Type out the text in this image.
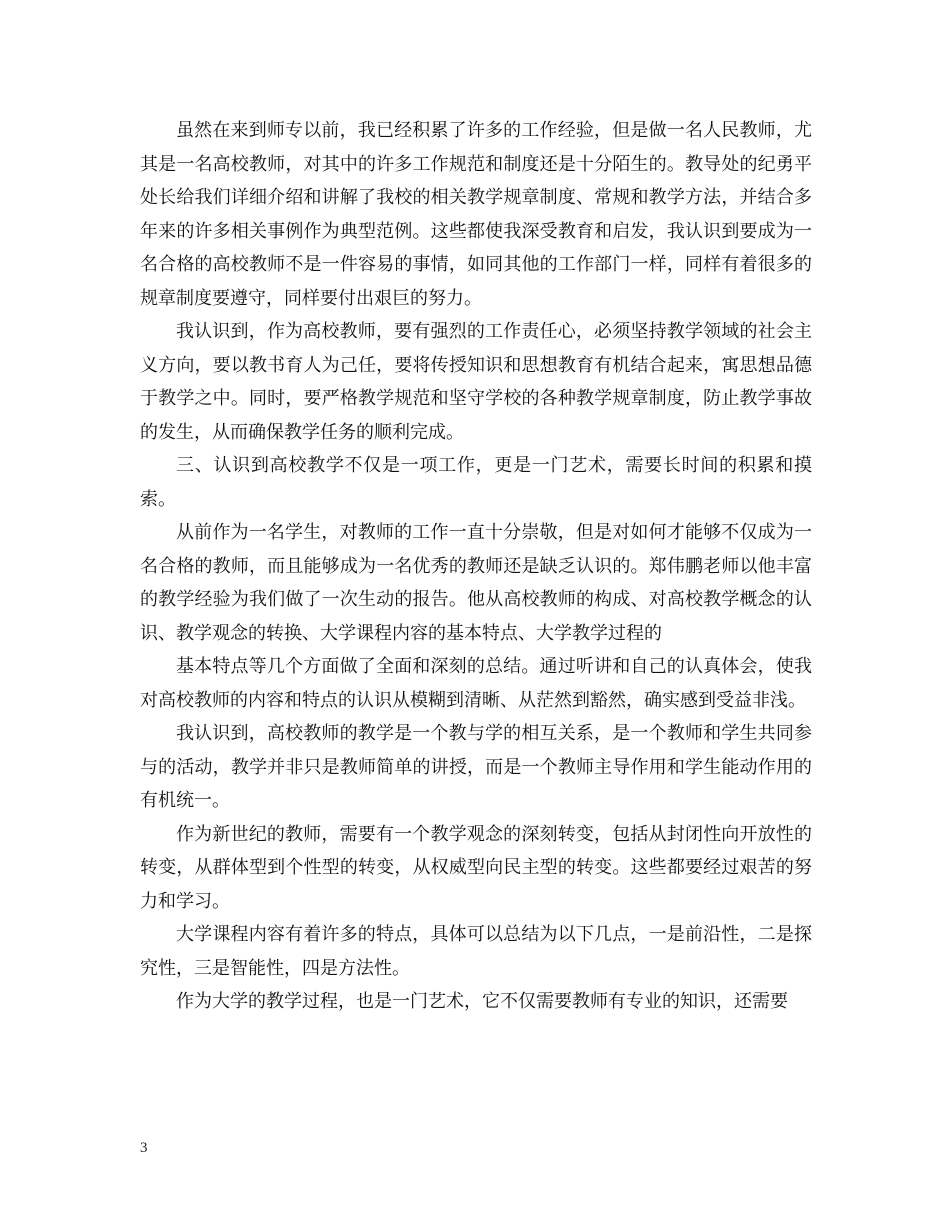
虽然在来到师专以前，我已经积累了许多的工作经验，但是做一名人民教师，尤其是一名高校教师，对其中的许多工作规范和制度还是十分陌生的。教导处的纪勇平处长给我们详细介绍和讲解了我校的相关教学规章制度、常规和教学方法，并结合多年来的许多相关事例作为典型范例。这些都使我深受教育和启发，我认识到要成为一名合格的高校教师不是一件容易的事情，如同其他的工作部门一样，同样有着很多的规章制度要遵守，同样要付出艰巨的努力。

我认识到，作为高校教师，要有强烈的工作责任心，必须坚持教学领域的社会主义方向，要以教书育人为己任，要将传授知识和思想教育有机结合起来，寓思想品德于教学之中。同时，要严格教学规范和坚守学校的各种教学规章制度，防止教学事故的发生，从而确保教学任务的顺利完成。

三、认识到高校教学不仅是一项工作，更是一门艺术，需要长时间的积累和摸索。

从前作为一名学生，对教师的工作一直十分崇敬，但是对如何才能够不仅成为一名合格的教师，而且能够成为一名优秀的教师还是缺乏认识的。郑伟鹏老师以他丰富的教学经验为我们做了一次生动的报告。他从高校教师的构成、对高校教学概念的认识、教学观念的转换、大学课程内容的基本特点、大学教学过程的

基本特点等几个方面做了全面和深刻的总结。通过听讲和自己的认真体会，使我对高校教师的内容和特点的认识从模糊到清晰、从茫然到豁然，确实感到受益非浅。

我认识到，高校教师的教学是一个教与学的相互关系，是一个教师和学生共同参与的活动，教学并非只是教师简单的讲授，而是一个教师主导作用和学生能动作用的有机统一。

作为新世纪的教师，需要有一个教学观念的深刻转变，包括从封闭性向开放性的转变，从群体型到个性型的转变，从权威型向民主型的转变。这些都要经过艰苦的努力和学习。

大学课程内容有着许多的特点，具体可以总结为以下几点，一是前沿性，二是探究性，三是智能性，四是方法性。

作为大学的教学过程，也是一门艺术，它不仅需要教师有专业的知识，还需要

3
